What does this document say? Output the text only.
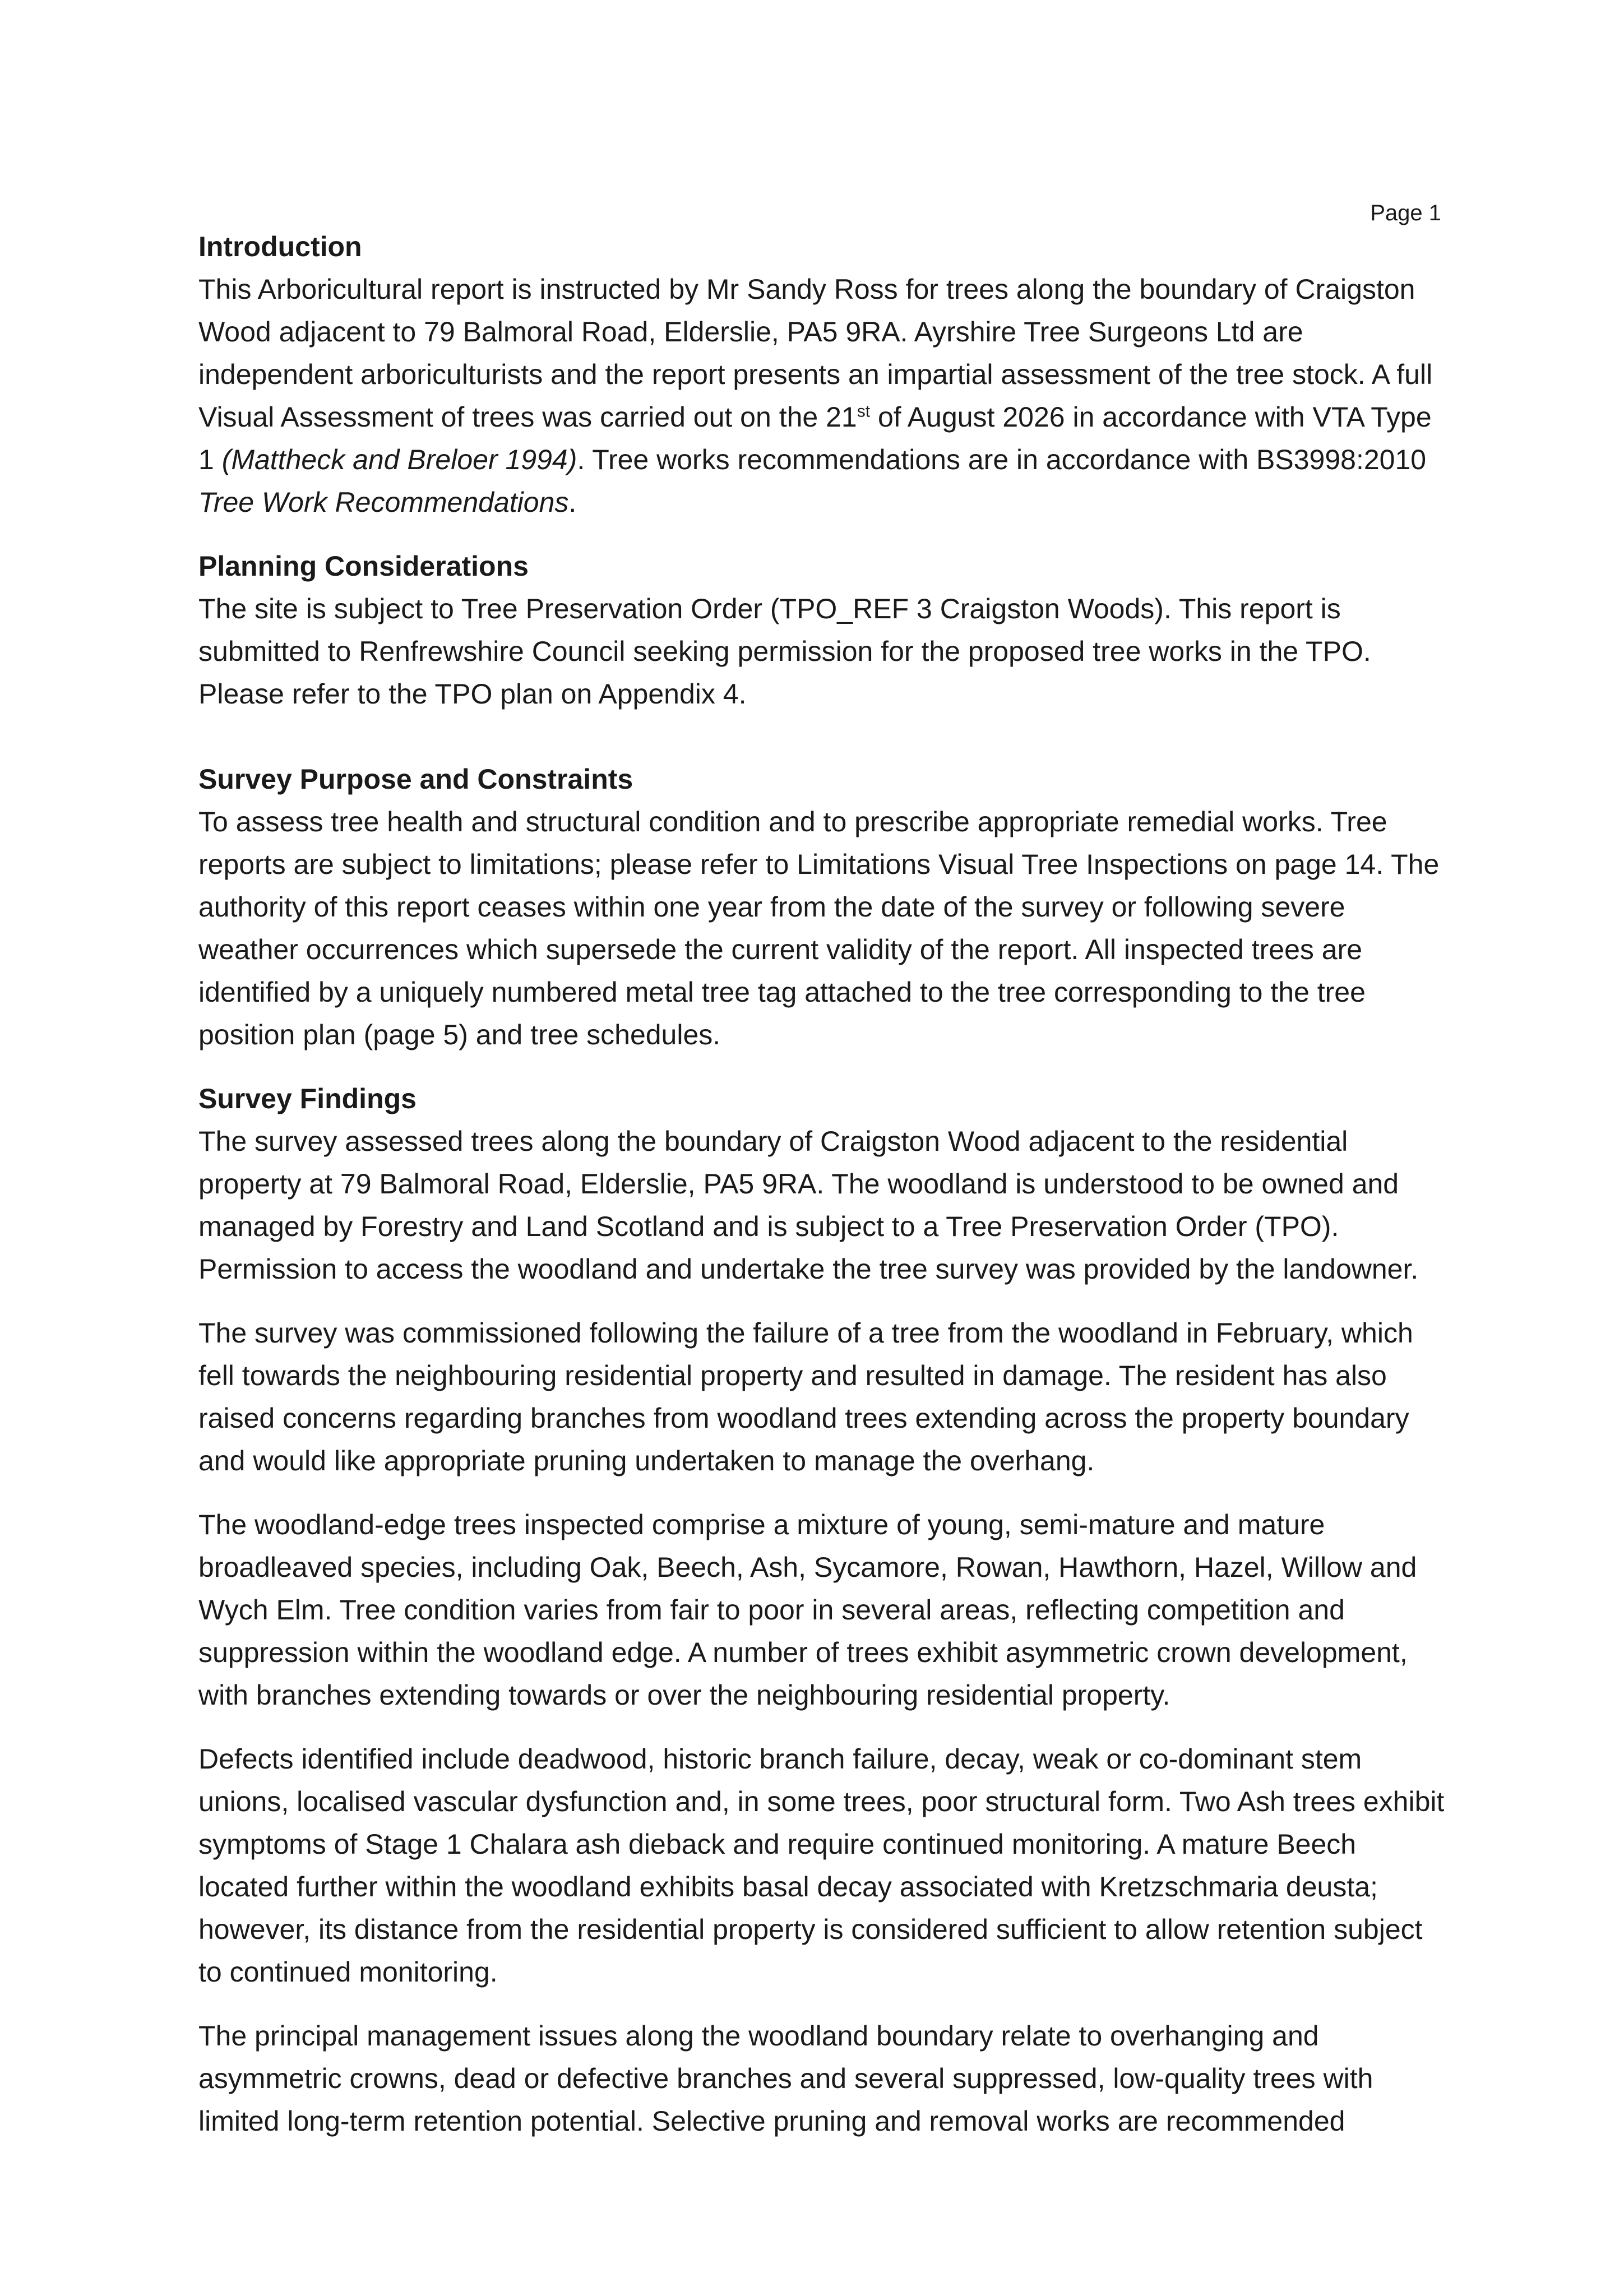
Page 1
Introduction

This Arboricultural report is instructed by Mr Sandy Ross for trees along the boundary of Craigston Wood adjacent to 79 Balmoral Road, Elderslie, PA5 9RA. Ayrshire Tree Surgeons Ltd are independent arboriculturists and the report presents an impartial assessment of the tree stock. A full Visual Assessment of trees was carried out on the 21st of August 2026 in accordance with VTA Type 1 (Mattheck and Breloer 1994). Tree works recommendations are in accordance with BS3998:2010 Tree Work Recommendations.

Planning Considerations

The site is subject to Tree Preservation Order (TPO_REF 3 Craigston Woods). This report is submitted to Renfrewshire Council seeking permission for the proposed tree works in the TPO. Please refer to the TPO plan on Appendix 4.

Survey Purpose and Constraints

To assess tree health and structural condition and to prescribe appropriate remedial works. Tree reports are subject to limitations; please refer to Limitations Visual Tree Inspections on page 14. The authority of this report ceases within one year from the date of the survey or following severe weather occurrences which supersede the current validity of the report. All inspected trees are identified by a uniquely numbered metal tree tag attached to the tree corresponding to the tree position plan (page 5) and tree schedules.

Survey Findings

The survey assessed trees along the boundary of Craigston Wood adjacent to the residential property at 79 Balmoral Road, Elderslie, PA5 9RA. The woodland is understood to be owned and managed by Forestry and Land Scotland and is subject to a Tree Preservation Order (TPO). Permission to access the woodland and undertake the tree survey was provided by the landowner.

The survey was commissioned following the failure of a tree from the woodland in February, which fell towards the neighbouring residential property and resulted in damage. The resident has also raised concerns regarding branches from woodland trees extending across the property boundary and would like appropriate pruning undertaken to manage the overhang.

The woodland-edge trees inspected comprise a mixture of young, semi-mature and mature broadleaved species, including Oak, Beech, Ash, Sycamore, Rowan, Hawthorn, Hazel, Willow and Wych Elm. Tree condition varies from fair to poor in several areas, reflecting competition and suppression within the woodland edge. A number of trees exhibit asymmetric crown development, with branches extending towards or over the neighbouring residential property.

Defects identified include deadwood, historic branch failure, decay, weak or co-dominant stem unions, localised vascular dysfunction and, in some trees, poor structural form. Two Ash trees exhibit symptoms of Stage 1 Chalara ash dieback and require continued monitoring. A mature Beech located further within the woodland exhibits basal decay associated with Kretzschmaria deusta; however, its distance from the residential property is considered sufficient to allow retention subject to continued monitoring.

The principal management issues along the woodland boundary relate to overhanging and asymmetric crowns, dead or defective branches and several suppressed, low-quality trees with limited long-term retention potential. Selective pruning and removal works are recommended
